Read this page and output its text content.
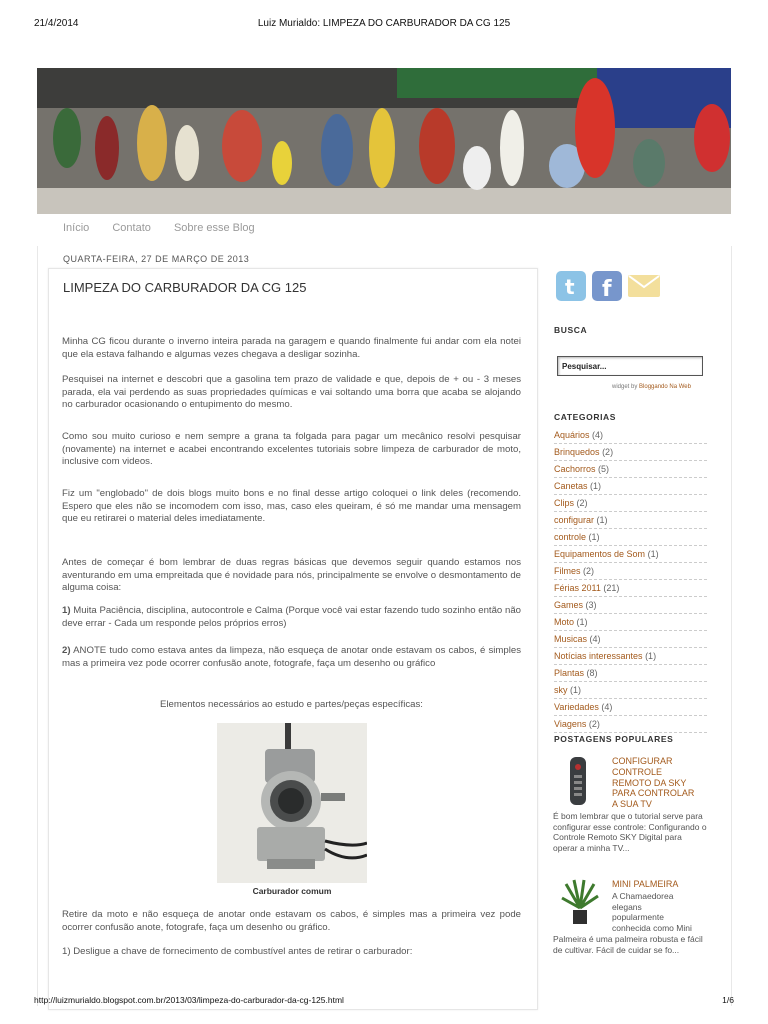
21/4/2014	Luiz Murialdo: LIMPEZA DO CARBURADOR DA CG 125
Início Contato Sobre esse Blog
QUARTA-FEIRA, 27 DE MARÇO DE 2013
LIMPEZA DO CARBURADOR DA CG 125

Minha CG ficou durante o inverno inteira parada na garagem e quando finalmente fui andar com ela notei que ela estava falhando e algumas vezes chegava a desligar sozinha.

Pesquisei na internet e descobri que a gasolina tem prazo de validade e que, depois de + ou - 3 meses parada, ela vai perdendo as suas propriedades químicas e vai soltando uma borra que acaba se alojando no carburador ocasionando o entupimento do mesmo.

Como sou muito curioso e nem sempre a grana ta folgada para pagar um mecânico resolvi pesquisar (novamente) na internet e acabei encontrando excelentes tutoriais sobre limpeza de carburador de moto, inclusive com videos.

Fiz um "englobado" de dois blogs muito bons e no final desse artigo coloquei o link deles (recomendo. Espero que eles não se incomodem com isso, mas, caso eles queiram, é só me mandar uma mensagem que eu retirarei o material deles imediatamente.

Antes de começar é bom lembrar de duas regras básicas que devemos seguir quando estamos nos aventurando em uma empreitada que é novidade para nós, principalmente se envolve o desmontamento de alguma coisa:

1) Muita Paciência, disciplina, autocontrole e Calma (Porque você vai estar fazendo tudo sozinho então não deve errar - Cada um responde pelos próprios erros)

2) ANOTE tudo como estava antes da limpeza, não esqueça de anotar onde estavam os cabos, é simples mas a primeira vez pode ocorrer confusão anote, fotografe, faça um desenho ou gráfico

Elementos necessários ao estudo e partes/peças específicas:
Carburador comum

Retire da moto e não esqueça de anotar onde estavam os cabos, é simples mas a primeira vez pode ocorrer confusão anote, fotografe, faça um desenho ou gráfico.

1) Desligue a chave de fornecimento de combustível antes de retirar o carburador:

t f
BUSCA
Pesquisar...
widget by Bloggando Na Web
CATEGORIAS
Aquários (4)
Brinquedos (2)
Cachorros (5)
Canetas (1)
Clips (2)
configurar (1)
controle (1)
Equipamentos de Som (1)
Filmes (2)
Férias 2011 (21)
Games (3)
Moto (1)
Musicas (4)
Notícias interessantes (1)
Plantas (8)
sky (1)
Variedades (4)
Viagens (2)
POSTAGENS POPULARES
CONFIGURAR
CONTROLE
REMOTO DA SKY
PARA CONTROLAR
A SUA TV
É bom lembrar que o tutorial serve para configurar esse controle: Configurando o Controle Remoto SKY Digital para operar a minha TV...
MINI PALMEIRA
A Chamaedorea
elegans
popularmente
conhecida como Mini
Palmeira é uma palmeira robusta e fácil de cultivar. Fácil de cuidar se fo...
http://luizmurialdo.blogspot.com.br/2013/03/limpeza-do-carburador-da-cg-125.html	1/6
